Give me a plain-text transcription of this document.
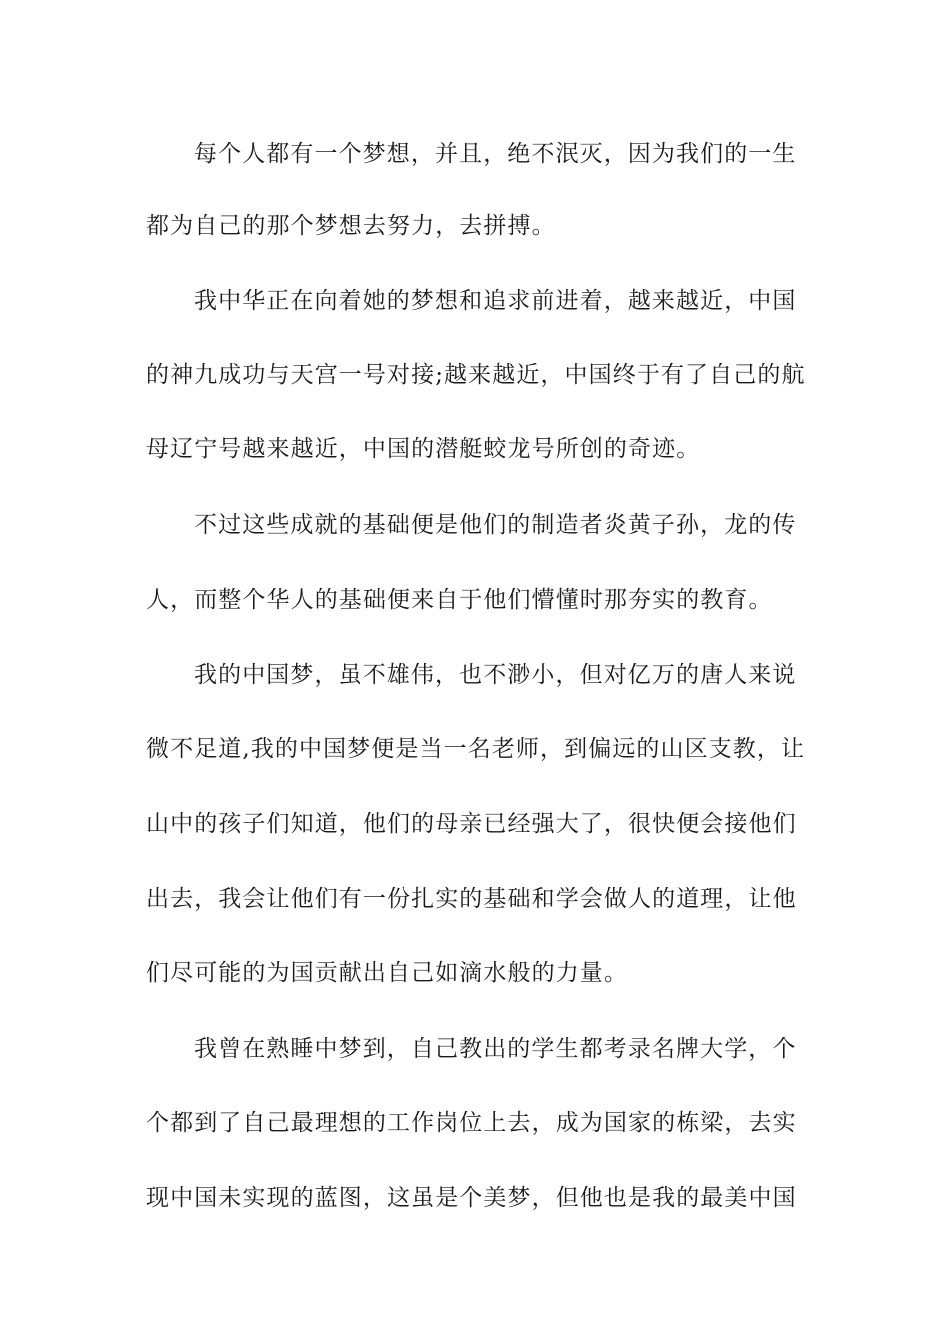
每个人都有一个梦想，并且，绝不泯灭，因为我们的一生
都为自己的那个梦想去努力，去拼搏。
我中华正在向着她的梦想和追求前进着，越来越近，中国
的神九成功与天宫一号对接;越来越近，中国终于有了自己的航
母辽宁号越来越近，中国的潜艇蛟龙号所创的奇迹。
不过这些成就的基础便是他们的制造者炎黄子孙，龙的传
人，而整个华人的基础便来自于他们懵懂时那夯实的教育。
我的中国梦，虽不雄伟，也不渺小，但对亿万的唐人来说
微不足道,我的中国梦便是当一名老师，到偏远的山区支教，让
山中的孩子们知道，他们的母亲已经强大了，很快便会接他们
出去，我会让他们有一份扎实的基础和学会做人的道理，让他
们尽可能的为国贡献出自己如滴水般的力量。
我曾在熟睡中梦到，自己教出的学生都考录名牌大学，个
个都到了自己最理想的工作岗位上去，成为国家的栋梁，去实
现中国未实现的蓝图，这虽是个美梦，但他也是我的最美中国
